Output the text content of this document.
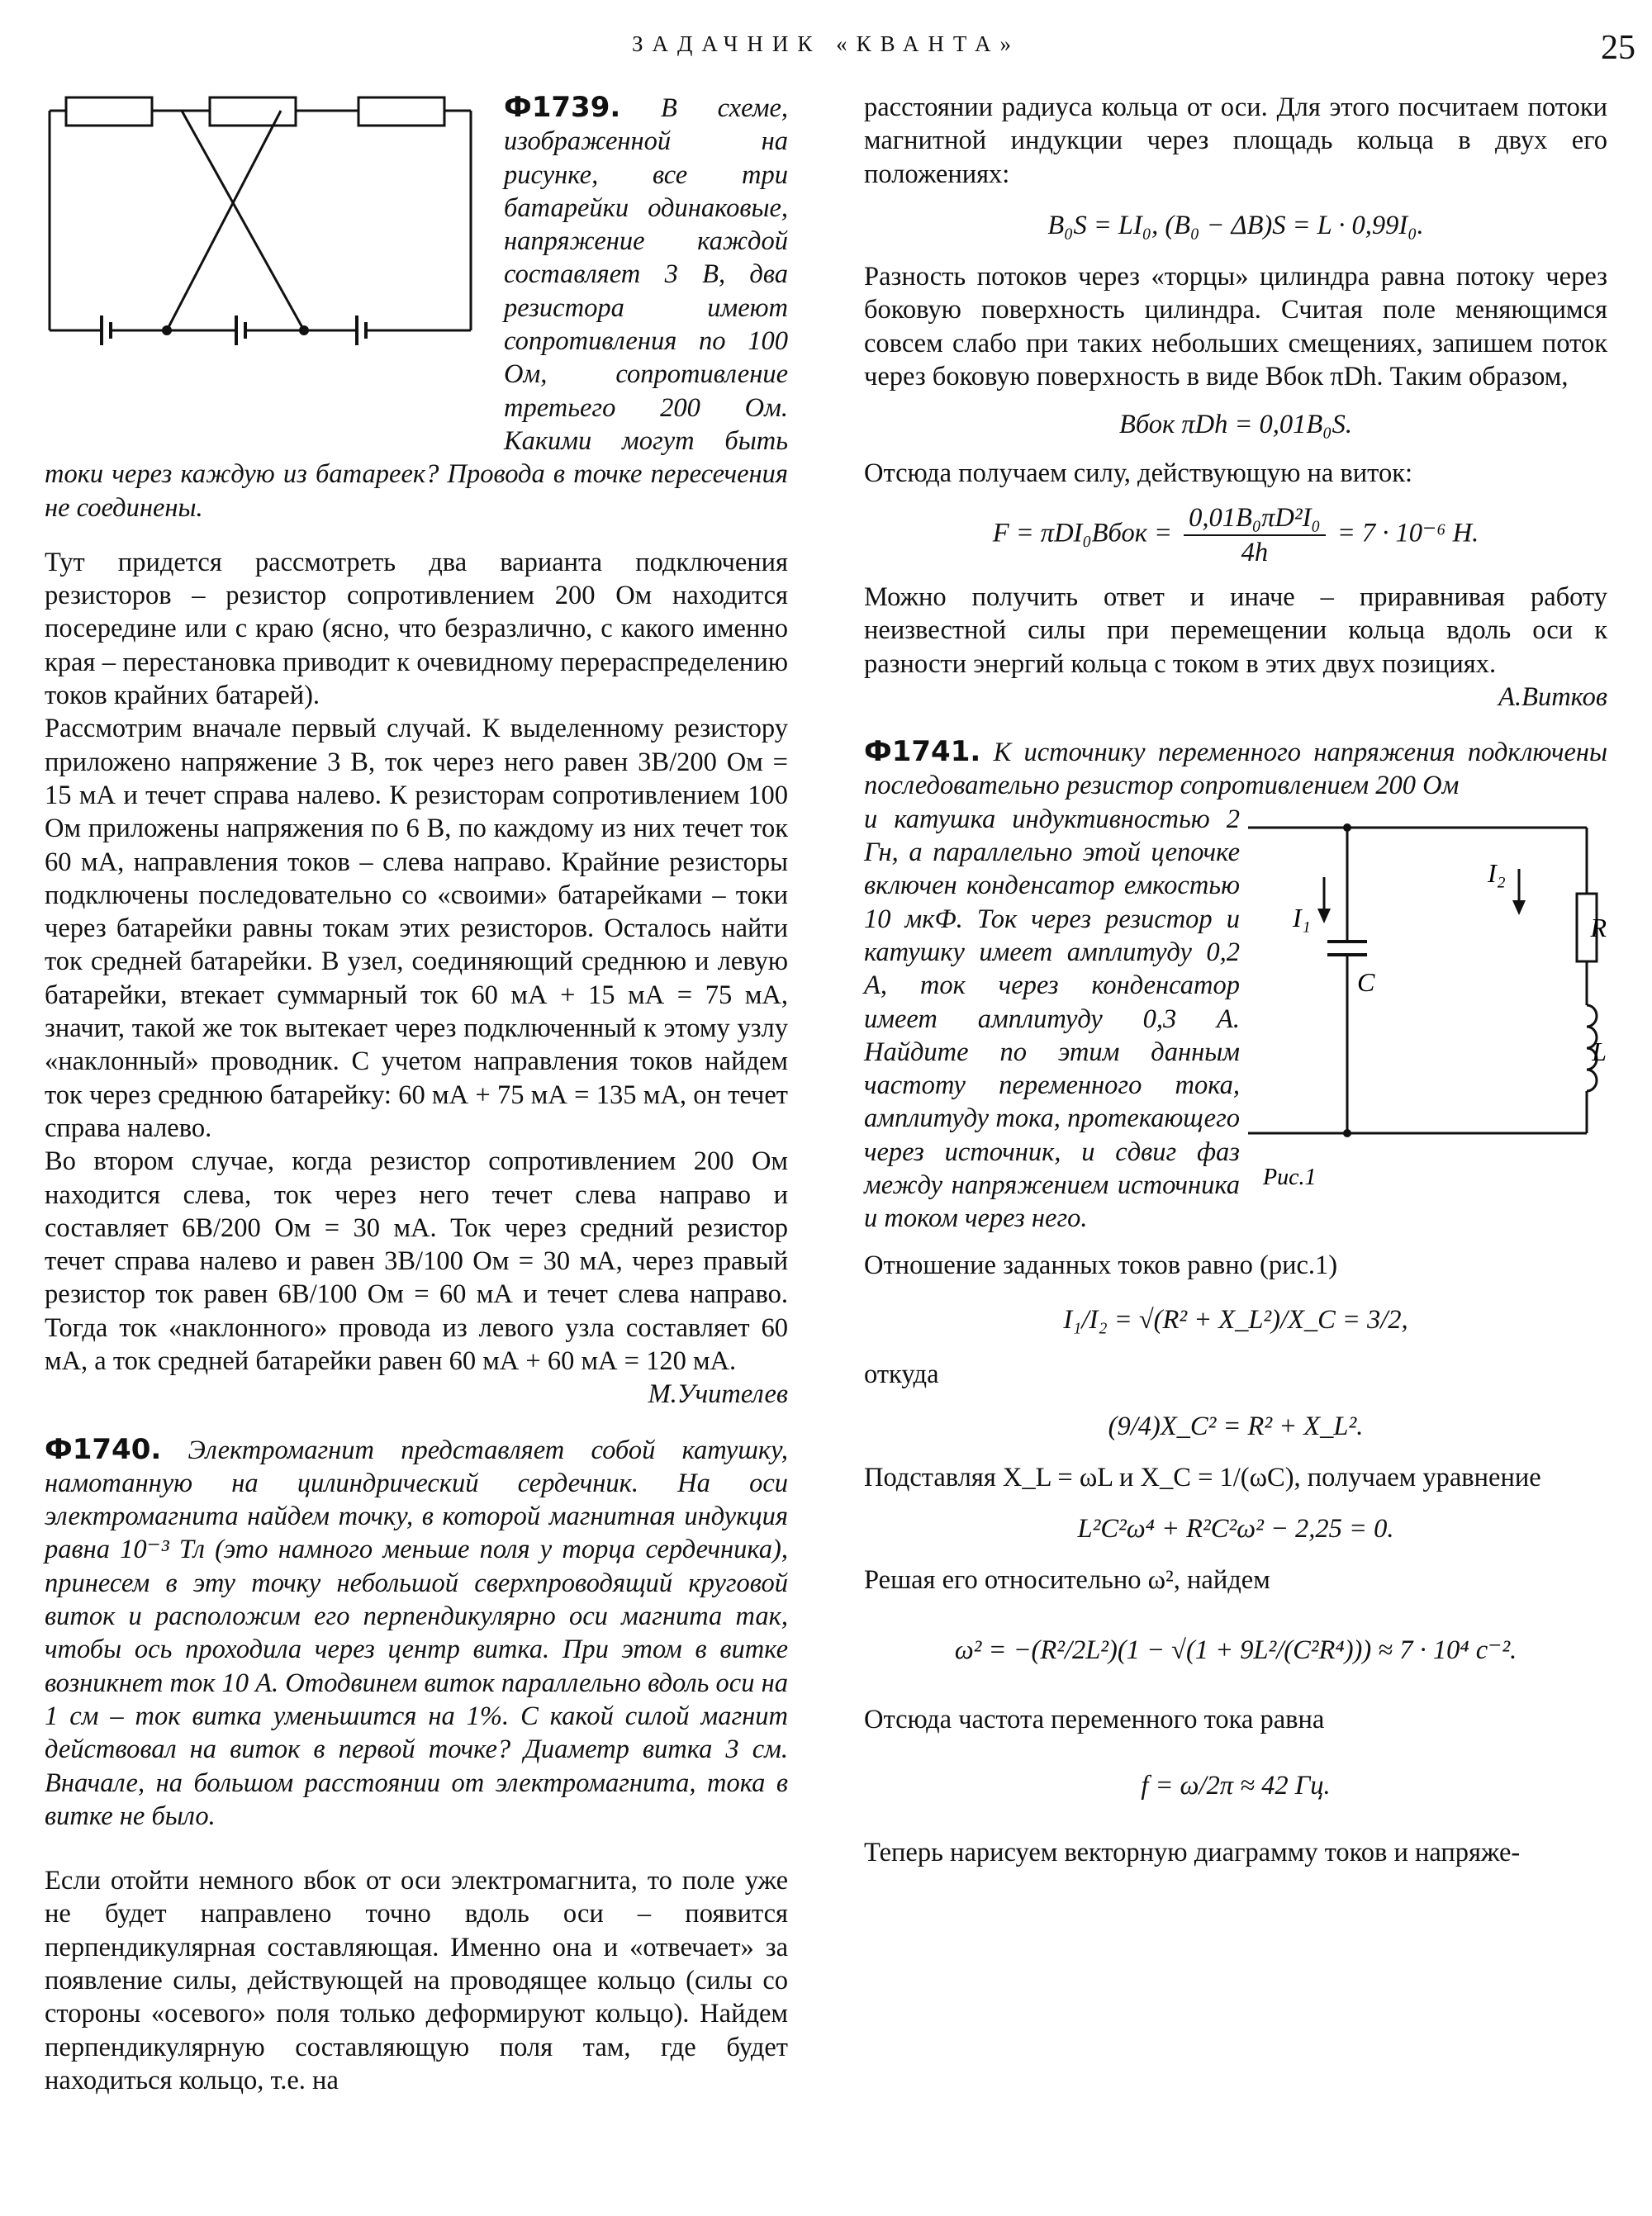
ЗАДАЧНИК «КВАНТА»	25

Ф1739. В схеме, изображенной на рисунке, все три батарейки одинаковые, напряжение каждой составляет 3 В, два резистора имеют сопротивления по 100 Ом, сопротивление третьего 200 Ом. Какими могут быть токи через каждую из батареек? Провода в точке пересечения не соединены.

Тут придется рассмотреть два варианта подключения резисторов – резистор сопротивлением 200 Ом находится посередине или с краю (ясно, что безразлично, с какого именно края – перестановка приводит к очевидному перераспределению токов крайних батарей).

Рассмотрим вначале первый случай. К выделенному резистору приложено напряжение 3 В, ток через него равен 3В/200 Ом = 15 мА и течет справа налево. К резисторам сопротивлением 100 Ом приложены напряжения по 6 В, по каждому из них течет ток 60 мА, направления токов – слева направо. Крайние резисторы подключены последовательно со «своими» батарейками – токи через батарейки равны токам этих резисторов. Осталось найти ток средней батарейки. В узел, соединяющий среднюю и левую батарейки, втекает суммарный ток 60 мА + 15 мА = 75 мА, значит, такой же ток вытекает через подключенный к этому узлу «наклонный» проводник. С учетом направления токов найдем ток через среднюю батарейку: 60 мА + 75 мА = 135 мА, он течет справа налево.

Во втором случае, когда резистор сопротивлением 200 Ом находится слева, ток через него течет слева направо и составляет 6В/200 Ом = 30 мА. Ток через средний резистор течет справа налево и равен 3В/100 Ом = 30 мА, через правый резистор ток равен 6В/100 Ом = 60 мА и течет слева направо. Тогда ток «наклонного» провода из левого узла составляет 60 мА, а ток средней батарейки равен 60 мА + 60 мА = 120 мА.

М.Учителев

Ф1740. Электромагнит представляет собой катушку, намотанную на цилиндрический сердечник. На оси электромагнита найдем точку, в которой магнитная индукция равна 10⁻³ Тл (это намного меньше поля у торца сердечника), принесем в эту точку небольшой сверхпроводящий круговой виток и расположим его перпендикулярно оси магнита так, чтобы ось проходила через центр витка. При этом в витке возникнет ток 10 А. Отодвинем виток параллельно вдоль оси на 1 см – ток витка уменьшится на 1%. С какой силой магнит действовал на виток в первой точке? Диаметр витка 3 см. Вначале, на большом расстоянии от электромагнита, тока в витке не было.

Если отойти немного вбок от оси электромагнита, то поле уже не будет направлено точно вдоль оси – появится перпендикулярная составляющая. Именно она и «отвечает» за появление силы, действующей на проводящее кольцо (силы со стороны «осевого» поля только деформируют кольцо). Найдем перпендикулярную составляющую поля там, где будет находиться кольцо, т.е. на

расстоянии радиуса кольца от оси. Для этого посчитаем потоки магнитной индукции через площадь кольца в двух его положениях:

B₀S = LI₀, (B₀ − ΔB)S = L · 0,99I₀.

Разность потоков через «торцы» цилиндра равна потоку через боковую поверхность цилиндра. Считая поле меняющимся совсем слабо при таких небольших смещениях, запишем поток через боковую поверхность в виде Bбок πDh. Таким образом,

Bбок πDh = 0,01B₀S.

Отсюда получаем силу, действующую на виток:

F = πDI₀Bбок = $\frac{\text{0,01B₀πD²I₀}}{4h} = 7 \cdot 10^{-6}$ Н.

Можно получить ответ и иначе – приравнивая работу неизвестной силы при перемещении кольца вдоль оси к разности энергий кольца с током в этих двух позициях.

А.Витков

Ф1741. К источнику переменного напряжения подключены последовательно резистор сопротивлением 200 Ом

и катушка индуктивностью 2 Гн, а параллельно этой цепочке включен конденсатор емкостью 10 мкФ. Ток через резистор и катушку имеет амплитуду 0,2 А, ток через конденсатор имеет амплитуду 0,3 А. Найдите по этим данным частоту переменного тока, амплитуду тока, протекающего через источник, и сдвиг фаз между напряжением источника и током через него.

I₁
I₂
C
R
L
Рис.1

Отношение заданных токов равно (рис.1)

I₁/I₂ = √(R² + X_L²)/X_C = 3/2,

откуда

(9/4)X_C² = R² + X_L².

Подставляя X_L = ωL и X_C = 1/(ωC), получаем уравнение

L²C²ω⁴ + R²C²ω² − 2,25 = 0.

Решая его относительно ω², найдем

ω² = −(R²/2L²)(1 − √(1 + 9L²/(C²R⁴))) ≈ 7 · 10⁴ с⁻².

Отсюда частота переменного тока равна

f = ω/2π ≈ 42 Гц.

Теперь нарисуем векторную диаграмму токов и напряже-
